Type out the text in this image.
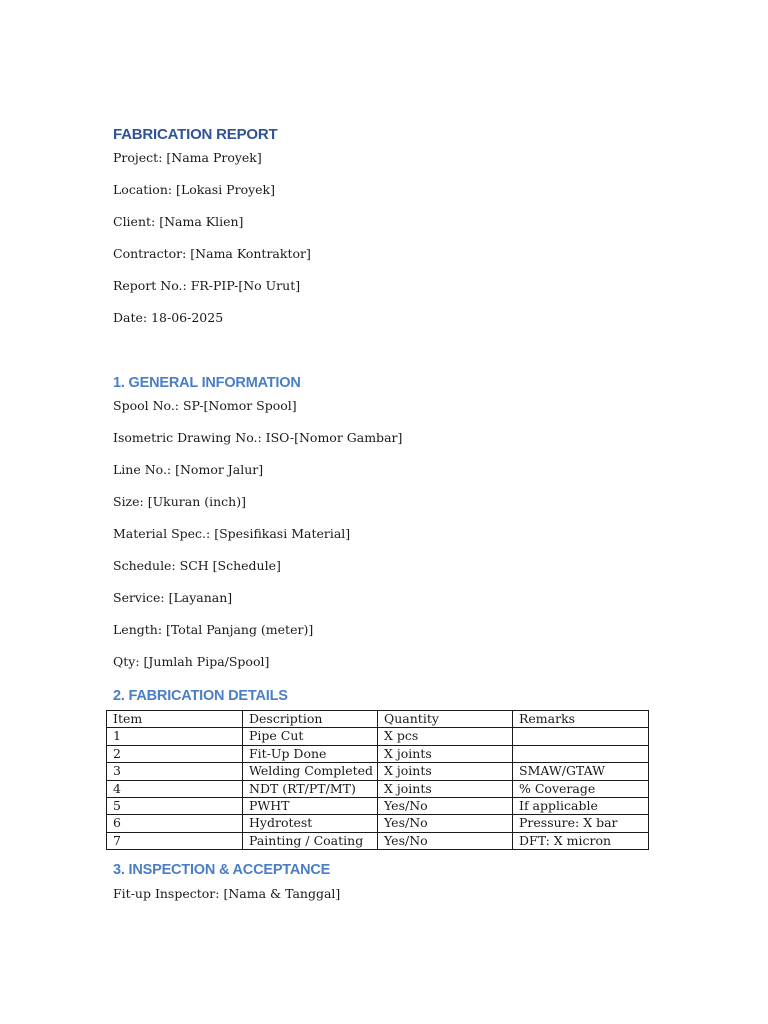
FABRICATION REPORT
Project: [Nama Proyek]
Location: [Lokasi Proyek]
Client: [Nama Klien]
Contractor: [Nama Kontraktor]
Report No.: FR-PIP-[No Urut]
Date: 18-06-2025
1. GENERAL INFORMATION
Spool No.: SP-[Nomor Spool]
Isometric Drawing No.: ISO-[Nomor Gambar]
Line No.: [Nomor Jalur]
Size: [Ukuran (inch)]
Material Spec.: [Spesifikasi Material]
Schedule: SCH [Schedule]
Service: [Layanan]
Length: [Total Panjang (meter)]
Qty: [Jumlah Pipa/Spool]
2. FABRICATION DETAILS
Item	Description	Quantity	Remarks
1	Pipe Cut	X pcs	
2	Fit-Up Done	X joints	
3	Welding Completed	X joints	SMAW/GTAW
4	NDT (RT/PT/MT)	X joints	% Coverage
5	PWHT	Yes/No	If applicable
6	Hydrotest	Yes/No	Pressure: X bar
7	Painting / Coating	Yes/No	DFT: X micron
3. INSPECTION & ACCEPTANCE
Fit-up Inspector: [Nama & Tanggal]
